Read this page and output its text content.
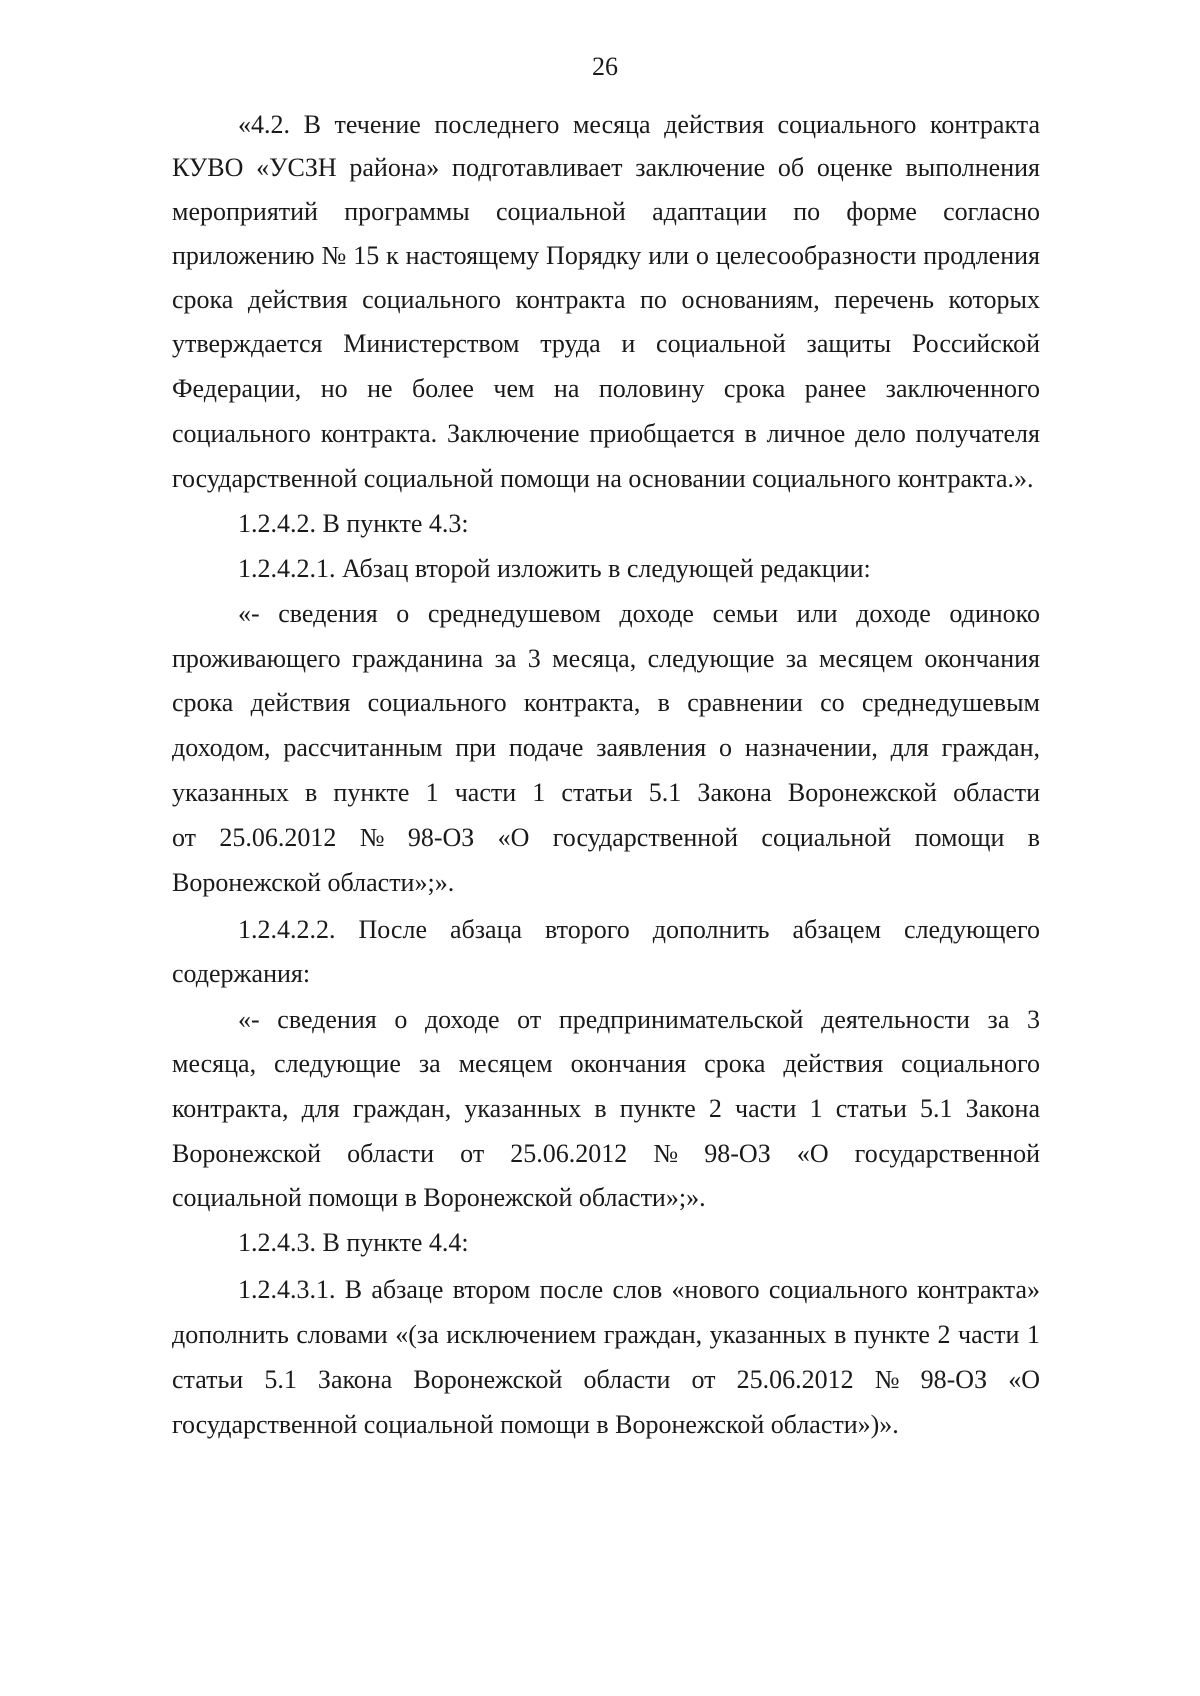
26
«4.2. В течение последнего месяца действия социального контракта
КУВО «УСЗН района» подготавливает заключение об оценке выполнения
мероприятий программы социальной адаптации по форме согласно
приложению № 15 к настоящему Порядку или о целесообразности продления
срока действия социального контракта по основаниям, перечень которых
утверждается Министерством труда и социальной защиты Российской
Федерации, но не более чем на половину срока ранее заключенного
социального контракта. Заключение приобщается в личное дело получателя
государственной социальной помощи на основании социального контракта.».
1.2.4.2. В пункте 4.3:
1.2.4.2.1. Абзац второй изложить в следующей редакции:
«- сведения о среднедушевом доходе семьи или доходе одиноко
проживающего гражданина за 3 месяца, следующие за месяцем окончания
срока действия социального контракта, в сравнении со среднедушевым
доходом, рассчитанным при подаче заявления о назначении, для граждан,
указанных в пункте 1 части 1 статьи 5.1 Закона Воронежской области
от 25.06.2012 № 98-ОЗ «О государственной социальной помощи в
Воронежской области»;».
1.2.4.2.2. После абзаца второго дополнить абзацем следующего
содержания:
«- сведения о доходе от предпринимательской деятельности за 3
месяца, следующие за месяцем окончания срока действия социального
контракта, для граждан, указанных в пункте 2 части 1 статьи 5.1 Закона
Воронежской области от 25.06.2012 № 98-ОЗ «О государственной
социальной помощи в Воронежской области»;».
1.2.4.3. В пункте 4.4:
1.2.4.3.1. В абзаце втором после слов «нового социального контракта»
дополнить словами «(за исключением граждан, указанных в пункте 2 части 1
статьи 5.1 Закона Воронежской области от 25.06.2012 № 98-ОЗ «О
государственной социальной помощи в Воронежской области»)».
